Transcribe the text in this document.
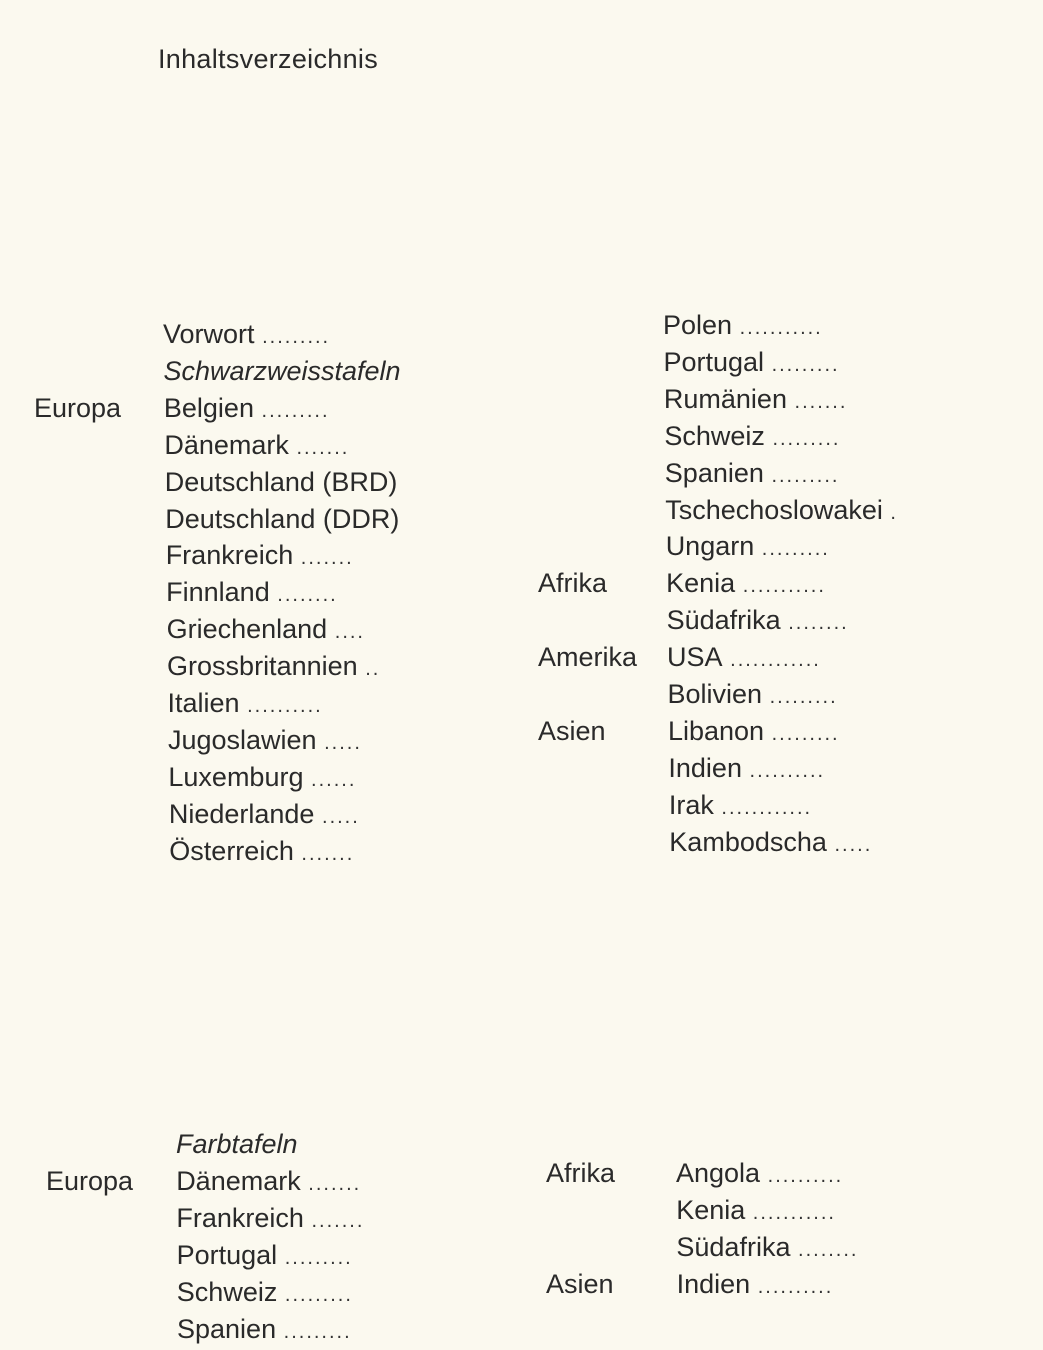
Inhaltsverzeichnis
Vorwort .........
Schwarzweisstafeln
Europa Belgien .........
Dänemark .......
Deutschland (BRD)
Deutschland (DDR)
Frankreich .......
Finnland ........
Griechenland ....
Grossbritannien ..
Italien ..........
Jugoslawien .....
Luxemburg ......
Niederlande .....
Österreich .......
Polen ...........
Portugal .........
Rumänien .......
Schweiz .........
Spanien .........
Tschechoslowakei .
Ungarn .........
Afrika Kenia ...........
Südafrika ........
Amerika USA ............
Bolivien .........
Asien Libanon .........
Indien ..........
Irak ............
Kambodscha .....
Farbtafeln
Europa Dänemark .......
Frankreich .......
Portugal .........
Schweiz .........
Spanien .........
Afrika Angola ..........
Kenia ...........
Südafrika ........
Asien Indien ..........
